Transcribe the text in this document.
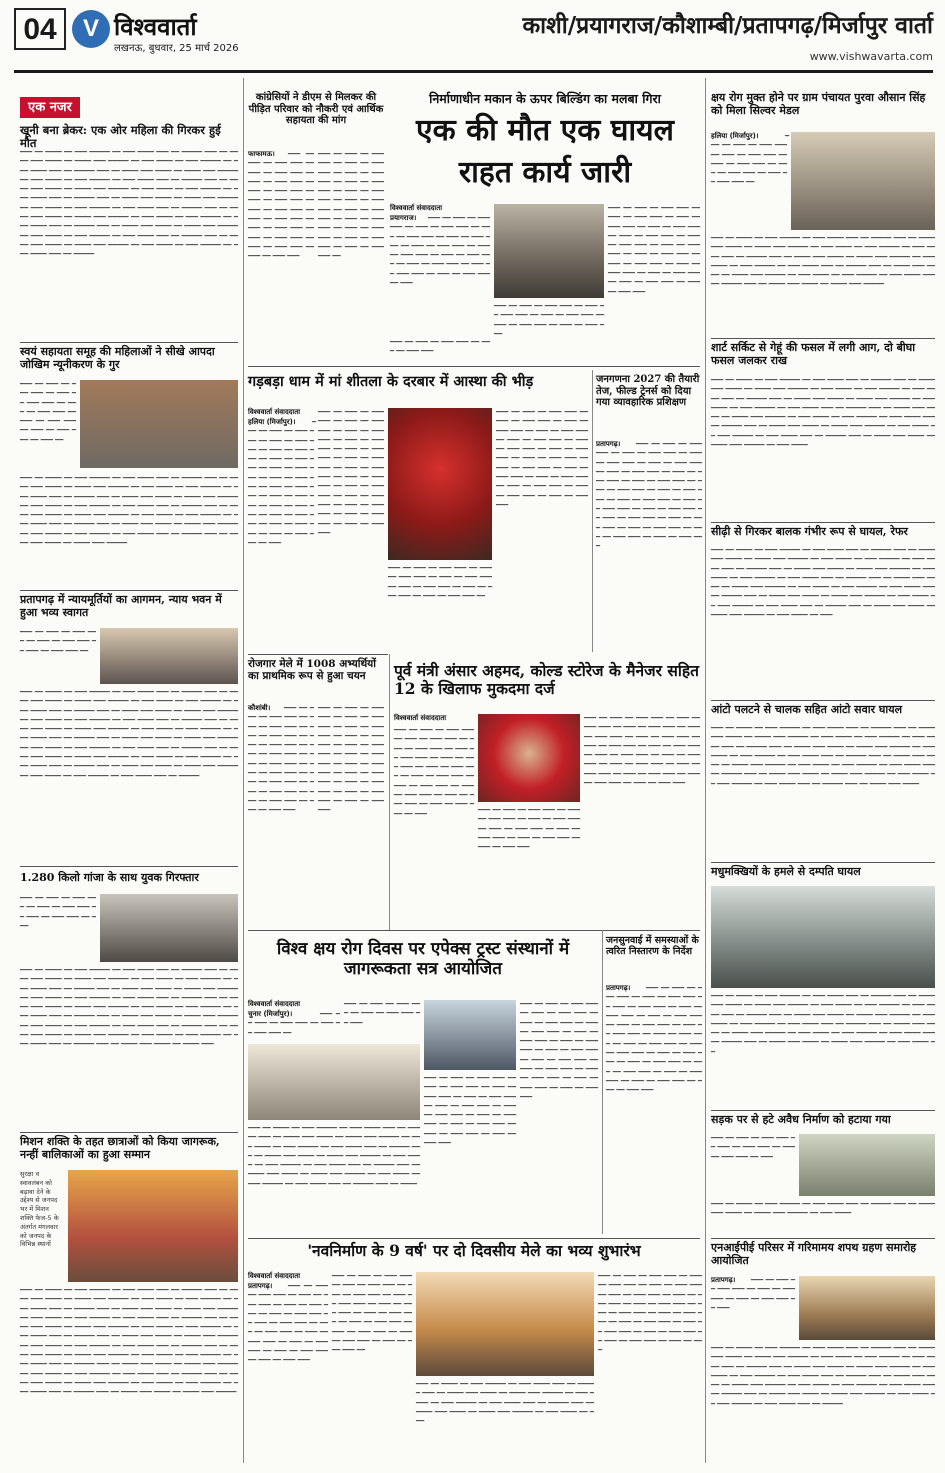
04	V विश्ववार्ता
लखनऊ, बुधवार, 25 मार्च 2026
काशी/प्रयागराज/कौशाम्बी/प्रतापगढ़/मिर्जापुर वार्ता
www.vishwavarta.com
एक नजर
खूनी बना ब्रेकर: एक ओर महिला की गिरकर हुई मौत
━━━ ━━ ━━━━ ━━ ━━━ ━━━━━ ━━ ━━━ ━━━━ ━━━ ━━ ━━━━━ ━━━ ━━ ━━━━ ━━━ ━━━━ ━━ ━━━━ ━━━ ━━━━━ ━━ ━━━ ━━━━ ━━ ━━━ ━━━━━ ━━ ━━━ ━━━━ ━━━ ━━ ━━━━━ ━━━ ━━ ━━━━ ━━━ ━━━━ ━━ ━━━━ ━━━ ━━━━━ ━━ ━━━ ━━━━ ━━ ━━━ ━━━━━ ━━ ━━━ ━━━━ ━━━ ━━ ━━━━━ ━━━ ━━ ━━━━ ━━━ ━━━━ ━━ ━━━━ ━━━ ━━━━━ ━━ ━━━ ━━━━ ━━ ━━━ ━━━━━ ━━ ━━━ ━━━━ ━━━ ━━ ━━━━━ ━━━ ━━ ━━━━ ━━━ ━━━━ ━━ ━━━━ ━━━ ━━━━━ ━━ ━━━ ━━━━ ━━ ━━━ ━━━━━ ━━ ━━━ ━━━━ ━━━ ━━ ━━━━━ ━━━ ━━ ━━━━ ━━━ ━━━━ ━━ ━━━━ ━━━ ━━━━━ ━━ ━━━ ━━━━ ━━ ━━━ ━━━━━ ━━ ━━━ ━━━━ ━━━ ━━ ━━━━━ ━━━ ━━ ━━━━ ━━━ ━━━━ ━━ ━━━━ ━━━ ━━━━━ ━━ ━━━ ━━━━ ━━ ━━━ ━━━━━ ━━ ━━━ ━━━━ ━━━ ━━ ━━━━━ ━━━ ━━ ━━━━ ━━━ ━━━━ ━━ ━━━━ ━━━ ━━━━━ ━━ ━━━ ━━━━ ━━ ━━━ ━━━━━ ━━ ━━━ ━━━━ ━━━ ━━ ━━━━━
स्वयं सहायता समूह की महिलाओं ने सीखे आपदा जोखिम न्यूनीकरण के गुर
━━━ ━━ ━━━ ━━ ━━━ ━━━ ━━ ━━━ ━━ ━━━ ━━━ ━━ ━━━ ━━ ━━━ ━━━ ━━ ━━━ ━━ ━━━ ━━━ ━━ ━━━ ━━ ━━━ ━━━ ━━ ━━━ ━━
━━━ ━━ ━━━━ ━━ ━━━ ━━━━━ ━━ ━━━ ━━━━ ━━━ ━━ ━━━━━ ━━━ ━━ ━━━━ ━━━ ━━━━ ━━ ━━━━ ━━━ ━━━━━ ━━ ━━━ ━━━━ ━━ ━━━ ━━━━━ ━━ ━━━ ━━━━ ━━━ ━━ ━━━━━ ━━━ ━━ ━━━━ ━━━ ━━━━ ━━ ━━━━ ━━━ ━━━━━ ━━ ━━━ ━━━━ ━━ ━━━ ━━━━━ ━━ ━━━ ━━━━ ━━━ ━━ ━━━━━ ━━━ ━━ ━━━━ ━━━ ━━━━ ━━ ━━━━ ━━━ ━━━━━ ━━ ━━━ ━━━━ ━━ ━━━ ━━━━━ ━━ ━━━ ━━━━ ━━━ ━━ ━━━━━ ━━━ ━━ ━━━━ ━━━ ━━━━ ━━ ━━━━ ━━━ ━━━━━ ━━ ━━━ ━━━━ ━━ ━━━ ━━━━━ ━━ ━━━ ━━━━ ━━━ ━━ ━━━━━ ━━━ ━━ ━━━━ ━━━ ━━━━ ━━ ━━━━ ━━━ ━━━━━
प्रतापगढ़ में न्यायमूर्तियों का आगमन, न्याय भवन में हुआ भव्य स्वागत
━━━ ━━ ━━━ ━━ ━━━ ━━━ ━━ ━━━ ━━ ━━━ ━━━ ━━ ━━━ ━━ ━━━ ━━━ ━━
━━━ ━━ ━━━━ ━━ ━━━ ━━━━━ ━━ ━━━ ━━━━ ━━━ ━━ ━━━━━ ━━━ ━━ ━━━━ ━━━ ━━━━ ━━ ━━━━ ━━━ ━━━━━ ━━ ━━━ ━━━━ ━━ ━━━ ━━━━━ ━━ ━━━ ━━━━ ━━━ ━━ ━━━━━ ━━━ ━━ ━━━━ ━━━ ━━━━ ━━ ━━━━ ━━━ ━━━━━ ━━ ━━━ ━━━━ ━━ ━━━ ━━━━━ ━━ ━━━ ━━━━ ━━━ ━━ ━━━━━ ━━━ ━━ ━━━━ ━━━ ━━━━ ━━ ━━━━ ━━━ ━━━━━ ━━ ━━━ ━━━━ ━━ ━━━ ━━━━━ ━━ ━━━ ━━━━ ━━━ ━━ ━━━━━ ━━━ ━━ ━━━━ ━━━ ━━━━ ━━ ━━━━ ━━━ ━━━━━ ━━ ━━━ ━━━━ ━━ ━━━ ━━━━━ ━━ ━━━ ━━━━ ━━━ ━━ ━━━━━ ━━━ ━━ ━━━━ ━━━ ━━━━ ━━ ━━━━ ━━━ ━━━━━ ━━ ━━━ ━━━━ ━━ ━━━ ━━━━━ ━━ ━━━ ━━━━ ━━━ ━━ ━━━━━ ━━━ ━━ ━━━━ ━━━ ━━━━ ━━ ━━━━ ━━━ ━━━━━ ━━ ━━━ ━━━━ ━━ ━━━ ━━━━━ ━━ ━━━ ━━━━ ━━━ ━━ ━━━━━
1.280 किलो गांजा के साथ युवक गिरफ्तार
━━━ ━━ ━━━ ━━ ━━━ ━━━ ━━ ━━━ ━━ ━━━ ━━━ ━━ ━━━ ━━ ━━━ ━━━ ━━ ━━━
━━━ ━━ ━━━━ ━━ ━━━ ━━━━━ ━━ ━━━ ━━━━ ━━━ ━━ ━━━━━ ━━━ ━━ ━━━━ ━━━ ━━━━ ━━ ━━━━ ━━━ ━━━━━ ━━ ━━━ ━━━━ ━━ ━━━ ━━━━━ ━━ ━━━ ━━━━ ━━━ ━━ ━━━━━ ━━━ ━━ ━━━━ ━━━ ━━━━ ━━ ━━━━ ━━━ ━━━━━ ━━ ━━━ ━━━━ ━━ ━━━ ━━━━━ ━━ ━━━ ━━━━ ━━━ ━━ ━━━━━ ━━━ ━━ ━━━━ ━━━ ━━━━ ━━ ━━━━ ━━━ ━━━━━ ━━ ━━━ ━━━━ ━━ ━━━ ━━━━━ ━━ ━━━ ━━━━ ━━━ ━━ ━━━━━ ━━━ ━━ ━━━━ ━━━ ━━━━ ━━ ━━━━ ━━━ ━━━━━ ━━ ━━━ ━━━━ ━━ ━━━ ━━━━━ ━━ ━━━ ━━━━ ━━━ ━━ ━━━━━ ━━━ ━━ ━━━━ ━━━ ━━━━ ━━ ━━━━ ━━━ ━━━━━ ━━ ━━━ ━━━━ ━━ ━━━ ━━━━━ ━━ ━━━ ━━━━ ━━━ ━━ ━━━━━ ━━━ ━━ ━━━━ ━━━ ━━━━ ━━ ━━━━ ━━━
मिशन शक्ति के तहत छात्राओं को किया जागरूक, नन्हीं बालिकाओं का हुआ सम्मान
सुरक्षा व स्वावलंबन को बढ़ावा देने के उद्देश्य से जनपद भर में मिशन शक्ति फेज-5 के अंतर्गत मंगलवार को जनपद के विभिन्न स्थानों
━━━ ━━ ━━━━ ━━ ━━━ ━━━━━ ━━ ━━━ ━━━━ ━━━ ━━ ━━━━━ ━━━ ━━ ━━━━ ━━━ ━━━━ ━━ ━━━━ ━━━ ━━━━━ ━━ ━━━ ━━━━ ━━ ━━━ ━━━━━ ━━ ━━━ ━━━━ ━━━ ━━ ━━━━━ ━━━ ━━ ━━━━ ━━━ ━━━━ ━━ ━━━━ ━━━ ━━━━━ ━━ ━━━ ━━━━ ━━ ━━━ ━━━━━ ━━ ━━━ ━━━━ ━━━ ━━ ━━━━━ ━━━ ━━ ━━━━ ━━━ ━━━━ ━━ ━━━━ ━━━ ━━━━━ ━━ ━━━ ━━━━ ━━ ━━━ ━━━━━ ━━ ━━━ ━━━━ ━━━ ━━ ━━━━━ ━━━ ━━ ━━━━ ━━━ ━━━━ ━━ ━━━━ ━━━ ━━━━━ ━━ ━━━ ━━━━ ━━ ━━━ ━━━━━ ━━ ━━━ ━━━━ ━━━ ━━ ━━━━━ ━━━ ━━ ━━━━ ━━━ ━━━━ ━━ ━━━━ ━━━ ━━━━━ ━━ ━━━ ━━━━ ━━ ━━━ ━━━━━ ━━ ━━━ ━━━━ ━━━ ━━ ━━━━━ ━━━ ━━ ━━━━ ━━━ ━━━━ ━━ ━━━━ ━━━ ━━━━━ ━━ ━━━ ━━━━ ━━ ━━━ ━━━━━ ━━ ━━━ ━━━━ ━━━ ━━ ━━━━━ ━━━ ━━ ━━━━ ━━━ ━━━━ ━━ ━━━━ ━━━ ━━━━━ ━━ ━━━ ━━━━ ━━ ━━━ ━━━━━ ━━ ━━━ ━━━━ ━━━ ━━ ━━━━━ ━━━ ━━ ━━━━ ━━━ ━━━━ ━━ ━━━━ ━━━ ━━━━━
कांग्रेसियों ने डीएम से मिलकर की पीड़ित परिवार को नौकरी एवं आर्थिक सहायता की मांग
फाफामऊ।	━━━ ━━ ━━━ ━━ ━━━ ━━━ ━━ ━━━ ━━ ━━━ ━━━ ━━ ━━━ ━━ ━━━ ━━━ ━━ ━━━ ━━ ━━━ ━━━ ━━ ━━━ ━━ ━━━ ━━━ ━━ ━━━ ━━ ━━━ ━━━ ━━ ━━━ ━━ ━━━ ━━━ ━━ ━━━ ━━ ━━━ ━━━ ━━ ━━━ ━━ ━━━ ━━━ ━━ ━━━ ━━ ━━━ ━━━ ━━ ━━━ ━━ ━━━ ━━━
━━━ ━━ ━━━ ━━ ━━━ ━━━ ━━ ━━━ ━━ ━━━ ━━━ ━━ ━━━ ━━ ━━━ ━━━ ━━ ━━━ ━━ ━━━ ━━━ ━━ ━━━ ━━ ━━━ ━━━ ━━ ━━━ ━━ ━━━ ━━━ ━━ ━━━ ━━ ━━━ ━━━ ━━ ━━━ ━━ ━━━ ━━━ ━━ ━━━ ━━ ━━━ ━━━ ━━ ━━━ ━━ ━━━ ━━━ ━━ ━━━ ━━ ━━━ ━━━ ━━
निर्माणाधीन मकान के ऊपर बिल्डिंग का मलबा गिरा
एक की मौत एक घायल
राहत कार्य जारी
विश्ववार्ता संवाददाता
प्रयागराज।	━━━ ━━ ━━━ ━━ ━━━ ━━━ ━━ ━━━ ━━ ━━━ ━━━ ━━ ━━━ ━━ ━━━ ━━━ ━━ ━━━ ━━ ━━━ ━━━ ━━ ━━━ ━━ ━━━ ━━━ ━━ ━━━ ━━ ━━━ ━━━ ━━ ━━━ ━━ ━━━ ━━━ ━━ ━━━ ━━ ━━━ ━━━ ━━ ━━━ ━━ ━━━ ━━━ ━━ ━━━ ━━ ━━━ ━━━ ━━ ━━━
━━━ ━━ ━━━ ━━ ━━━ ━━━ ━━ ━━━ ━━ ━━━ ━━━ ━━ ━━━ ━━ ━━━ ━━━ ━━ ━━━ ━━ ━━━ ━━━ ━━ ━━━ ━━ ━━━ ━━━
━━━ ━━ ━━━ ━━ ━━━ ━━━ ━━ ━━━ ━━ ━━━ ━━━
━━━ ━━ ━━━ ━━ ━━━ ━━━ ━━ ━━━ ━━ ━━━ ━━━ ━━ ━━━ ━━ ━━━ ━━━ ━━ ━━━ ━━ ━━━ ━━━ ━━ ━━━ ━━ ━━━ ━━━ ━━ ━━━ ━━ ━━━ ━━━ ━━ ━━━ ━━ ━━━ ━━━ ━━ ━━━ ━━ ━━━ ━━━ ━━ ━━━ ━━ ━━━ ━━━ ━━ ━━━ ━━ ━━━ ━━━ ━━ ━━━ ━━ ━━━ ━━━ ━━ ━━━ ━━ ━━━ ━━━ ━━ ━━━ ━━ ━━━ ━━━
गड़बड़ा धाम में मां शीतला के दरबार में आस्था की भीड़
विश्ववार्ता संवाददाता
हलिया (मिर्जापुर)।	━━━ ━━ ━━━ ━━ ━━━ ━━━ ━━ ━━━ ━━ ━━━ ━━━ ━━ ━━━ ━━ ━━━ ━━━ ━━ ━━━ ━━ ━━━ ━━━ ━━ ━━━ ━━ ━━━ ━━━ ━━ ━━━ ━━ ━━━ ━━━ ━━ ━━━ ━━ ━━━ ━━━ ━━ ━━━ ━━ ━━━ ━━━ ━━ ━━━ ━━ ━━━ ━━━ ━━ ━━━ ━━ ━━━ ━━━ ━━ ━━━ ━━ ━━━ ━━━ ━━ ━━━ ━━ ━━━ ━━━ ━━ ━━━
━━━ ━━ ━━━ ━━ ━━━ ━━━ ━━ ━━━ ━━ ━━━ ━━━ ━━ ━━━ ━━ ━━━ ━━━ ━━ ━━━ ━━ ━━━ ━━━ ━━ ━━━ ━━ ━━━ ━━━ ━━ ━━━ ━━ ━━━ ━━━ ━━ ━━━ ━━ ━━━ ━━━ ━━ ━━━ ━━ ━━━ ━━━ ━━ ━━━ ━━ ━━━ ━━━ ━━ ━━━ ━━ ━━━ ━━━ ━━ ━━━ ━━ ━━━ ━━━ ━━ ━━━ ━━ ━━━ ━━━ ━━ ━━━ ━━ ━━━ ━━━
━━━ ━━ ━━━ ━━ ━━━ ━━━ ━━ ━━━ ━━ ━━━ ━━━ ━━ ━━━ ━━ ━━━ ━━━ ━━ ━━━ ━━ ━━━ ━━━ ━━ ━━━ ━━ ━━━ ━━━ ━━ ━━━ ━━ ━━━ ━━━ ━━
━━━ ━━ ━━━ ━━ ━━━ ━━━ ━━ ━━━ ━━ ━━━ ━━━ ━━ ━━━ ━━ ━━━ ━━━ ━━ ━━━ ━━ ━━━ ━━━ ━━ ━━━ ━━ ━━━ ━━━ ━━ ━━━ ━━ ━━━ ━━━ ━━ ━━━ ━━ ━━━ ━━━ ━━ ━━━ ━━ ━━━ ━━━ ━━ ━━━ ━━ ━━━ ━━━ ━━ ━━━ ━━ ━━━ ━━━ ━━ ━━━ ━━ ━━━ ━━━ ━━ ━━━ ━━ ━━━ ━━━ ━━ ━━━ ━━ ━━━ ━━━ ━━ ━━━ ━━ ━━━ ━━━
जनगणना 2027 की तैयारी तेज, फील्ड ट्रेनर्स को दिया गया व्यावहारिक प्रशिक्षण
प्रतापगढ़।	━━━ ━━ ━━━ ━━ ━━━ ━━━ ━━ ━━━ ━━ ━━━ ━━━ ━━ ━━━ ━━ ━━━ ━━━ ━━ ━━━ ━━ ━━━ ━━━ ━━ ━━━ ━━ ━━━ ━━━ ━━ ━━━ ━━ ━━━ ━━━ ━━ ━━━ ━━ ━━━ ━━━ ━━ ━━━ ━━ ━━━ ━━━ ━━ ━━━ ━━ ━━━ ━━━ ━━ ━━━ ━━ ━━━ ━━━ ━━ ━━━ ━━ ━━━ ━━━ ━━ ━━━ ━━ ━━━ ━━━ ━━ ━━━ ━━ ━━━ ━━━ ━━ ━━━ ━━ ━━━ ━━━ ━━ ━━━ ━━ ━━━ ━━━ ━━ ━━━ ━━ ━━━ ━━━ ━━ ━━━ ━━ ━━━ ━━━
रोजगार मेले में 1008 अभ्यर्थियों का प्राथमिक रूप से हुआ चयन
कौशांबी।	━━━ ━━ ━━━ ━━ ━━━ ━━━ ━━ ━━━ ━━ ━━━ ━━━ ━━ ━━━ ━━ ━━━ ━━━ ━━ ━━━ ━━ ━━━ ━━━ ━━ ━━━ ━━ ━━━ ━━━ ━━ ━━━ ━━ ━━━ ━━━ ━━ ━━━ ━━ ━━━ ━━━ ━━ ━━━ ━━ ━━━ ━━━ ━━ ━━━ ━━ ━━━ ━━━ ━━ ━━━ ━━ ━━━ ━━━ ━━ ━━━ ━━ ━━━ ━━━
━━━ ━━ ━━━ ━━ ━━━ ━━━ ━━ ━━━ ━━ ━━━ ━━━ ━━ ━━━ ━━ ━━━ ━━━ ━━ ━━━ ━━ ━━━ ━━━ ━━ ━━━ ━━ ━━━ ━━━ ━━ ━━━ ━━ ━━━ ━━━ ━━ ━━━ ━━ ━━━ ━━━ ━━ ━━━ ━━ ━━━ ━━━ ━━ ━━━ ━━ ━━━ ━━━ ━━ ━━━ ━━ ━━━ ━━━ ━━ ━━━ ━━ ━━━ ━━━
पूर्व मंत्री अंसार अहमद, कोल्ड स्टोरेज के मैनेजर सहित 12 के खिलाफ मुकदमा दर्ज
विश्ववार्ता संवाददाता
━━━ ━━ ━━━ ━━ ━━━ ━━━ ━━ ━━━ ━━ ━━━ ━━━ ━━ ━━━ ━━ ━━━ ━━━ ━━ ━━━ ━━ ━━━ ━━━ ━━ ━━━ ━━ ━━━ ━━━ ━━ ━━━ ━━ ━━━ ━━━ ━━ ━━━ ━━ ━━━ ━━━ ━━ ━━━ ━━ ━━━ ━━━ ━━ ━━━ ━━ ━━━ ━━━ ━━ ━━━ ━━ ━━━ ━━━ ━━ ━━━ ━━ ━━━ ━━━ ━━ ━━━	━━━ ━━ ━━━ ━━ ━━━ ━━━ ━━ ━━━ ━━ ━━━ ━━━ ━━ ━━━ ━━ ━━━ ━━━ ━━ ━━━ ━━ ━━━ ━━━ ━━ ━━━ ━━ ━━━ ━━━ ━━ ━━━ ━━ ━━━ ━━━ ━━ ━━━ ━━ ━━━ ━━━
━━━ ━━ ━━━ ━━ ━━━ ━━━ ━━ ━━━ ━━ ━━━ ━━━ ━━ ━━━ ━━ ━━━ ━━━ ━━ ━━━ ━━ ━━━ ━━━ ━━ ━━━ ━━ ━━━ ━━━ ━━ ━━━ ━━ ━━━ ━━━ ━━ ━━━ ━━ ━━━ ━━━ ━━ ━━━ ━━ ━━━ ━━━ ━━ ━━━ ━━ ━━━ ━━━ ━━ ━━━ ━━ ━━━ ━━━ ━━ ━━━ ━━ ━━━ ━━━ ━━ ━━━ ━━ ━━━ ━━━ ━━ ━━━ ━━ ━━━ ━━━ ━━ ━━━ ━━ ━━━ ━━━
विश्व क्षय रोग दिवस पर एपेक्स ट्रस्ट संस्थानों में जागरूकता सत्र आयोजित
विश्ववार्ता संवाददाता
चुनार (मिर्जापुर)।	━━━ ━━ ━━━ ━━ ━━━ ━━━ ━━ ━━━ ━━ ━━━ ━━━ ━━
━━━ ━━ ━━━ ━━ ━━━ ━━━ ━━ ━━━ ━━ ━━━ ━━━ ━━ ━━━
━━━ ━━ ━━━━ ━━ ━━━ ━━━━━ ━━ ━━━ ━━━━ ━━━ ━━ ━━━━━ ━━━ ━━ ━━━━ ━━━ ━━━━ ━━ ━━━━ ━━━ ━━━━━ ━━ ━━━ ━━━━ ━━ ━━━ ━━━━━ ━━ ━━━ ━━━━ ━━━ ━━ ━━━━━ ━━━ ━━ ━━━━ ━━━ ━━━━ ━━ ━━━━ ━━━ ━━━━━ ━━ ━━━ ━━━━ ━━ ━━━ ━━━━━ ━━ ━━━ ━━━━ ━━━ ━━ ━━━━━ ━━━ ━━ ━━━━ ━━━ ━━━━ ━━ ━━━━ ━━━ ━━━━━ ━━ ━━━ ━━━━ ━━ ━━━ ━━━━━ ━━ ━━━ ━━━━ ━━━ ━━ ━━━━━ ━━━ ━━ ━━━━
━━━ ━━ ━━━ ━━ ━━━ ━━━ ━━ ━━━ ━━ ━━━ ━━━ ━━ ━━━ ━━ ━━━ ━━━ ━━ ━━━ ━━ ━━━ ━━━ ━━ ━━━ ━━ ━━━ ━━━ ━━ ━━━ ━━ ━━━ ━━━ ━━ ━━━ ━━ ━━━ ━━━ ━━ ━━━ ━━ ━━━ ━━━ ━━ ━━━ ━━ ━━━ ━━━ ━━ ━━━ ━━ ━━━ ━━━
━━━ ━━ ━━━ ━━ ━━━ ━━━ ━━ ━━━ ━━ ━━━ ━━━ ━━ ━━━ ━━ ━━━ ━━━ ━━ ━━━ ━━ ━━━ ━━━ ━━ ━━━ ━━ ━━━ ━━━ ━━ ━━━ ━━ ━━━ ━━━ ━━ ━━━ ━━ ━━━ ━━━ ━━ ━━━ ━━ ━━━ ━━━ ━━ ━━━ ━━ ━━━ ━━━ ━━ ━━━ ━━ ━━━ ━━━ ━━ ━━━ ━━ ━━━ ━━━ ━━ ━━━ ━━ ━━━ ━━━
जनसुनवाई में समस्याओं के त्वरित निस्तारण के निर्देश
प्रतापगढ़।	━━━ ━━ ━━━ ━━ ━━━ ━━━ ━━ ━━━ ━━ ━━━ ━━━ ━━ ━━━ ━━ ━━━ ━━━ ━━ ━━━ ━━ ━━━ ━━━ ━━ ━━━ ━━ ━━━ ━━━ ━━ ━━━ ━━ ━━━ ━━━ ━━ ━━━ ━━ ━━━ ━━━ ━━ ━━━ ━━ ━━━ ━━━ ━━ ━━━ ━━ ━━━ ━━━ ━━ ━━━ ━━ ━━━ ━━━ ━━ ━━━ ━━ ━━━ ━━━ ━━ ━━━ ━━ ━━━ ━━━ ━━ ━━━ ━━ ━━━ ━━━ ━━ ━━━ ━━ ━━━ ━━━ ━━ ━━━ ━━ ━━━ ━━━ ━━ ━━━ ━━ ━━━ ━━━
'नवनिर्माण के 9 वर्ष' पर दो दिवसीय मेले का भव्य शुभारंभ
विश्ववार्ता संवाददाता
प्रतापगढ़।	━━━ ━━ ━━━ ━━ ━━━ ━━━ ━━ ━━━ ━━ ━━━ ━━━ ━━ ━━━ ━━ ━━━ ━━━ ━━ ━━━ ━━ ━━━ ━━━ ━━ ━━━ ━━ ━━━ ━━━ ━━ ━━━ ━━ ━━━ ━━━ ━━ ━━━ ━━ ━━━ ━━━ ━━ ━━━ ━━ ━━━ ━━━ ━━ ━━━ ━━ ━━━ ━━━ ━━ ━━━ ━━ ━━━ ━━━
━━━ ━━ ━━━ ━━ ━━━ ━━━ ━━ ━━━ ━━ ━━━ ━━━ ━━ ━━━ ━━ ━━━ ━━━ ━━ ━━━ ━━ ━━━ ━━━ ━━ ━━━ ━━ ━━━ ━━━ ━━ ━━━ ━━ ━━━ ━━━ ━━ ━━━ ━━ ━━━ ━━━ ━━ ━━━ ━━ ━━━ ━━━ ━━ ━━━ ━━ ━━━ ━━━ ━━ ━━━ ━━ ━━━ ━━━ ━━
━━━ ━━ ━━━━ ━━ ━━━ ━━━━━ ━━ ━━━ ━━━━ ━━━ ━━ ━━━━━ ━━━ ━━ ━━━━ ━━━ ━━━━ ━━ ━━━━ ━━━ ━━━━━ ━━ ━━━ ━━━━ ━━ ━━━ ━━━━━ ━━ ━━━ ━━━━ ━━━ ━━ ━━━━━ ━━━ ━━ ━━━━ ━━━ ━━━━ ━━ ━━━━ ━━━ ━━━━━ ━━ ━━━ ━━━━ ━━ ━━━
━━━ ━━ ━━━ ━━ ━━━ ━━━ ━━ ━━━ ━━ ━━━ ━━━ ━━ ━━━ ━━ ━━━ ━━━ ━━ ━━━ ━━ ━━━ ━━━ ━━ ━━━ ━━ ━━━ ━━━ ━━ ━━━ ━━ ━━━ ━━━ ━━ ━━━ ━━ ━━━ ━━━ ━━ ━━━ ━━ ━━━ ━━━ ━━ ━━━ ━━ ━━━ ━━━ ━━ ━━━ ━━ ━━━ ━━━ ━━ ━━━ ━━ ━━━ ━━━ ━━ ━━━ ━━ ━━━ ━━━ ━━ ━━━ ━━ ━━━
क्षय रोग मुक्त होने पर ग्राम पंचायत पुरवा औसान सिंह को मिला सिल्वर मेडल
हलिया (मिर्जापुर)।	━━━ ━━ ━━━ ━━ ━━━ ━━━ ━━ ━━━ ━━ ━━━ ━━━ ━━ ━━━ ━━ ━━━ ━━━ ━━ ━━━ ━━ ━━━ ━━━ ━━ ━━━ ━━ ━━━ ━━━ ━━
━━━ ━━ ━━━━ ━━ ━━━ ━━━━━ ━━ ━━━ ━━━━ ━━━ ━━ ━━━━━ ━━━ ━━ ━━━━ ━━━ ━━━━ ━━ ━━━━ ━━━ ━━━━━ ━━ ━━━ ━━━━ ━━ ━━━ ━━━━━ ━━ ━━━ ━━━━ ━━━ ━━ ━━━━━ ━━━ ━━ ━━━━ ━━━ ━━━━ ━━ ━━━━ ━━━ ━━━━━ ━━ ━━━ ━━━━ ━━ ━━━ ━━━━━ ━━ ━━━ ━━━━ ━━━ ━━ ━━━━━ ━━━ ━━ ━━━━ ━━━ ━━━━ ━━ ━━━━ ━━━ ━━━━━ ━━ ━━━ ━━━━ ━━ ━━━ ━━━━━ ━━ ━━━ ━━━━ ━━━ ━━ ━━━━━ ━━━ ━━ ━━━━ ━━━ ━━━━ ━━ ━━━━ ━━━ ━━━━━
शार्ट सर्किट से गेहूं की फसल में लगी आग, दो बीघा फसल जलकर राख
━━━ ━━ ━━━━ ━━ ━━━ ━━━━━ ━━ ━━━ ━━━━ ━━━ ━━ ━━━━━ ━━━ ━━ ━━━━ ━━━ ━━━━ ━━ ━━━━ ━━━ ━━━━━ ━━ ━━━ ━━━━ ━━ ━━━ ━━━━━ ━━ ━━━ ━━━━ ━━━ ━━ ━━━━━ ━━━ ━━ ━━━━ ━━━ ━━━━ ━━ ━━━━ ━━━ ━━━━━ ━━ ━━━ ━━━━ ━━ ━━━ ━━━━━ ━━ ━━━ ━━━━ ━━━ ━━ ━━━━━ ━━━ ━━ ━━━━ ━━━ ━━━━ ━━ ━━━━ ━━━ ━━━━━ ━━ ━━━ ━━━━ ━━ ━━━ ━━━━━ ━━ ━━━ ━━━━ ━━━ ━━ ━━━━━ ━━━ ━━ ━━━━ ━━━ ━━━━ ━━ ━━━━ ━━━ ━━━━━ ━━ ━━━ ━━━━ ━━ ━━━ ━━━━━ ━━ ━━━ ━━━━ ━━━ ━━ ━━━━━ ━━━ ━━ ━━━━ ━━━ ━━━━ ━━ ━━━━ ━━━ ━━━━━ ━━ ━━━ ━━━━
सीढ़ी से गिरकर बालक गंभीर रूप से घायल, रेफर
━━━ ━━ ━━━━ ━━ ━━━ ━━━━━ ━━ ━━━ ━━━━ ━━━ ━━ ━━━━━ ━━━ ━━ ━━━━ ━━━ ━━━━ ━━ ━━━━ ━━━ ━━━━━ ━━ ━━━ ━━━━ ━━ ━━━ ━━━━━ ━━ ━━━ ━━━━ ━━━ ━━ ━━━━━ ━━━ ━━ ━━━━ ━━━ ━━━━ ━━ ━━━━ ━━━ ━━━━━ ━━ ━━━ ━━━━ ━━ ━━━ ━━━━━ ━━ ━━━ ━━━━ ━━━ ━━ ━━━━━ ━━━ ━━ ━━━━ ━━━ ━━━━ ━━ ━━━━ ━━━ ━━━━━ ━━ ━━━ ━━━━ ━━ ━━━ ━━━━━ ━━ ━━━ ━━━━ ━━━ ━━ ━━━━━ ━━━ ━━ ━━━━ ━━━ ━━━━ ━━ ━━━━ ━━━ ━━━━━ ━━ ━━━ ━━━━ ━━ ━━━ ━━━━━ ━━ ━━━ ━━━━ ━━━ ━━ ━━━━━ ━━━ ━━ ━━━━ ━━━ ━━━━ ━━ ━━━━ ━━━ ━━━━━ ━━ ━━━ ━━━━ ━━ ━━━
आंटो पलटने से चालक सहित आंटो सवार घायल
━━━ ━━ ━━━━ ━━ ━━━ ━━━━━ ━━ ━━━ ━━━━ ━━━ ━━ ━━━━━ ━━━ ━━ ━━━━ ━━━ ━━━━ ━━ ━━━━ ━━━ ━━━━━ ━━ ━━━ ━━━━ ━━ ━━━ ━━━━━ ━━ ━━━ ━━━━ ━━━ ━━ ━━━━━ ━━━ ━━ ━━━━ ━━━ ━━━━ ━━ ━━━━ ━━━ ━━━━━ ━━ ━━━ ━━━━ ━━ ━━━ ━━━━━ ━━ ━━━ ━━━━ ━━━ ━━ ━━━━━ ━━━ ━━ ━━━━ ━━━ ━━━━ ━━ ━━━━ ━━━ ━━━━━ ━━ ━━━ ━━━━ ━━ ━━━ ━━━━━ ━━ ━━━ ━━━━ ━━━ ━━ ━━━━━ ━━━ ━━ ━━━━ ━━━ ━━━━ ━━ ━━━━ ━━━ ━━━━━ ━━ ━━━ ━━━━ ━━ ━━━ ━━━━━ ━━ ━━━ ━━━━ ━━━ ━━ ━━━━━ ━━━ ━━ ━━━━ ━━━ ━━━━
मधुमक्खियों के हमले से दम्पति घायल
━━━ ━━ ━━━━ ━━ ━━━ ━━━━━ ━━ ━━━ ━━━━ ━━━ ━━ ━━━━━ ━━━ ━━ ━━━━ ━━━ ━━━━ ━━ ━━━━ ━━━ ━━━━━ ━━ ━━━ ━━━━ ━━ ━━━ ━━━━━ ━━ ━━━ ━━━━ ━━━ ━━ ━━━━━ ━━━ ━━ ━━━━ ━━━ ━━━━ ━━ ━━━━ ━━━ ━━━━━ ━━ ━━━ ━━━━ ━━ ━━━ ━━━━━ ━━ ━━━ ━━━━ ━━━ ━━ ━━━━━ ━━━ ━━ ━━━━ ━━━ ━━━━ ━━ ━━━━ ━━━ ━━━━━ ━━ ━━━ ━━━━ ━━ ━━━ ━━━━━ ━━ ━━━ ━━━━ ━━━ ━━ ━━━━━ ━━━ ━━ ━━━━ ━━━ ━━━━ ━━ ━━━━ ━━━ ━━━━━ ━━ ━━━ ━━━━ ━━
सड़क पर से हटे अवैध निर्माण को हटाया गया
━━━ ━━ ━━━ ━━ ━━━ ━━━ ━━ ━━━ ━━ ━━━ ━━━ ━━ ━━━ ━━ ━━━ ━━━ ━━ ━━━
━━━ ━━ ━━━━ ━━ ━━━ ━━━━━ ━━ ━━━ ━━━━ ━━━ ━━ ━━━━━ ━━━ ━━ ━━━━ ━━━ ━━━━ ━━ ━━━━ ━━━ ━━━━━ ━━ ━━━ ━━━━
एनआईपीई परिसर में गरिमामय शपथ ग्रहण समारोह आयोजित
प्रतापगढ़।	━━━ ━━ ━━━ ━━ ━━━ ━━━ ━━ ━━━ ━━ ━━━ ━━━ ━━ ━━━ ━━ ━━━ ━━━ ━━ ━━━
━━━ ━━ ━━━━ ━━ ━━━ ━━━━━ ━━ ━━━ ━━━━ ━━━ ━━ ━━━━━ ━━━ ━━ ━━━━ ━━━ ━━━━ ━━ ━━━━ ━━━ ━━━━━ ━━ ━━━ ━━━━ ━━ ━━━ ━━━━━ ━━ ━━━ ━━━━ ━━━ ━━ ━━━━━ ━━━ ━━ ━━━━ ━━━ ━━━━ ━━ ━━━━ ━━━ ━━━━━ ━━ ━━━ ━━━━ ━━ ━━━ ━━━━━ ━━ ━━━ ━━━━ ━━━ ━━ ━━━━━ ━━━ ━━ ━━━━ ━━━ ━━━━ ━━ ━━━━ ━━━ ━━━━━ ━━ ━━━ ━━━━ ━━ ━━━ ━━━━━ ━━ ━━━ ━━━━ ━━━ ━━ ━━━━━ ━━━ ━━ ━━━━ ━━━ ━━━━ ━━ ━━━━ ━━━ ━━━━━ ━━ ━━━ ━━━━ ━━ ━━━ ━━━━━ ━━ ━━━ ━━━━ ━━━ ━━ ━━━━━
